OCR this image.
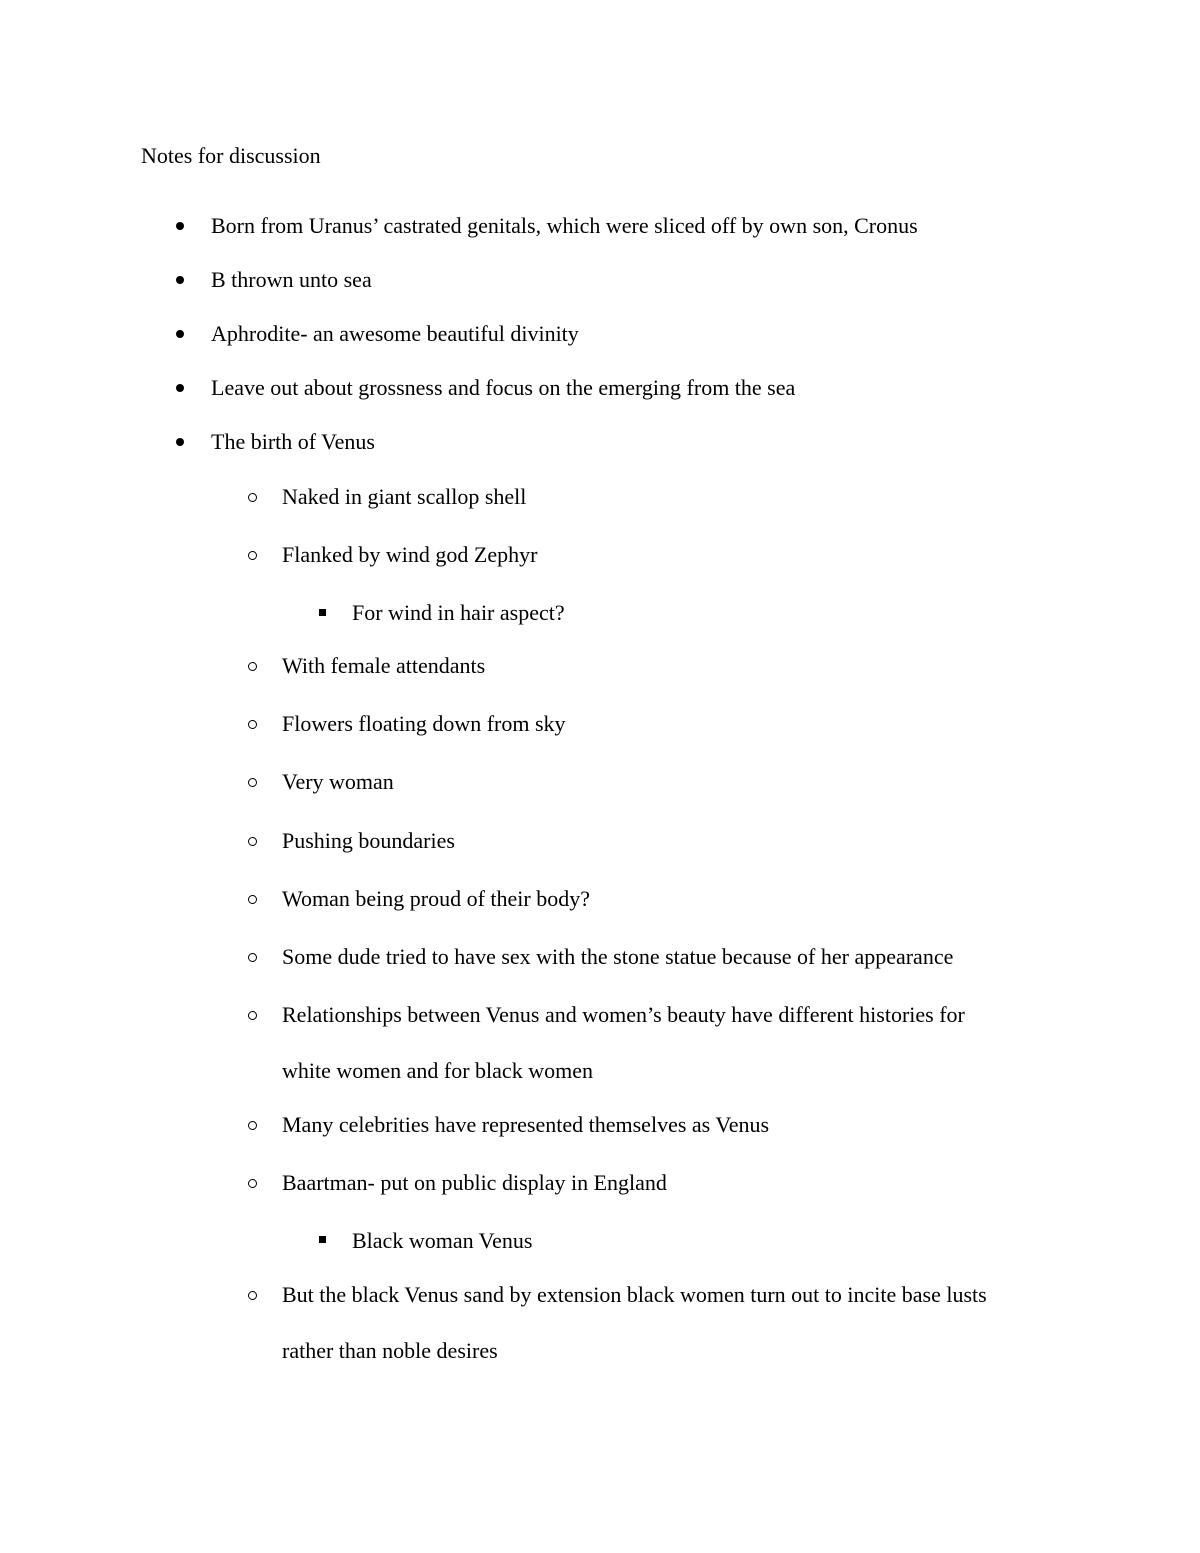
Notes for discussion
Born from Uranus’ castrated genitals, which were sliced off by own son, Cronus
B thrown unto sea
Aphrodite- an awesome beautiful divinity
Leave out about grossness and focus on the emerging from the sea
The birth of Venus
Naked in giant scallop shell
Flanked by wind god Zephyr
For wind in hair aspect?
With female attendants
Flowers floating down from sky
Very woman
Pushing boundaries
Woman being proud of their body?
Some dude tried to have sex with the stone statue because of her appearance
Relationships between Venus and women’s beauty have different histories for
white women and for black women
Many celebrities have represented themselves as Venus
Baartman- put on public display in England
Black woman Venus
But the black Venus sand by extension black women turn out to incite base lusts
rather than noble desires
